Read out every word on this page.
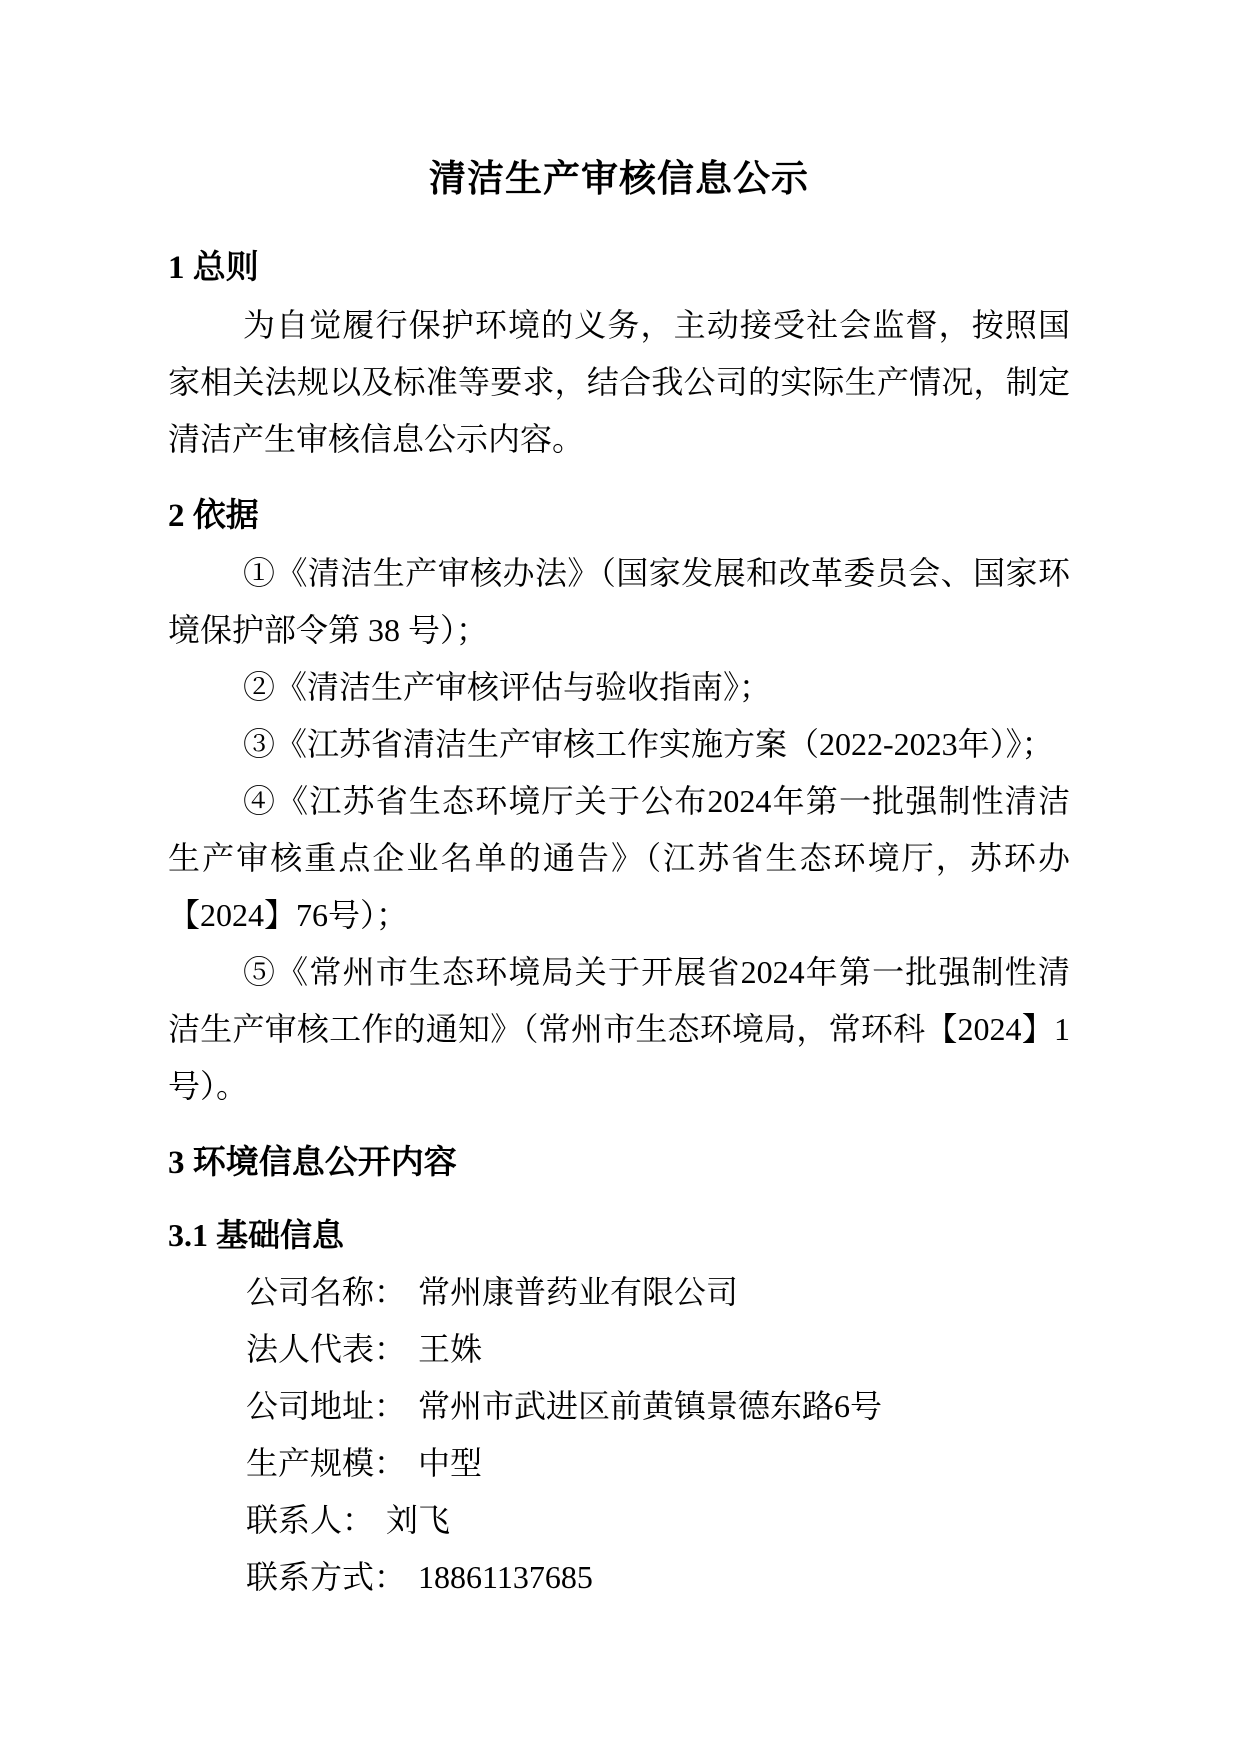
清洁生产审核信息公示
1 总则

为自觉履行保护环境的义务，主动接受社会监督，按照国家相关法规以及标准等要求，结合我公司的实际生产情况，制定清洁产生审核信息公示内容。

2 依据

①《清洁生产审核办法》（国家发展和改革委员会、国家环境保护部令第 38 号）；

②《清洁生产审核评估与验收指南》；

③《江苏省清洁生产审核工作实施方案（2022-2023年）》；

④《江苏省生态环境厅关于公布2024年第一批强制性清洁生产审核重点企业名单的通告》（江苏省生态环境厅，苏环办【2024】76号）；

⑤《常州市生态环境局关于开展省2024年第一批强制性清洁生产审核工作的通知》（常州市生态环境局，常环科【2024】1号）。

3 环境信息公开内容
3.1 基础信息

公司名称： 常州康普药业有限公司

法人代表： 王姝

公司地址： 常州市武进区前黄镇景德东路6号

生产规模： 中型

联系人： 刘飞

联系方式： 18861137685
